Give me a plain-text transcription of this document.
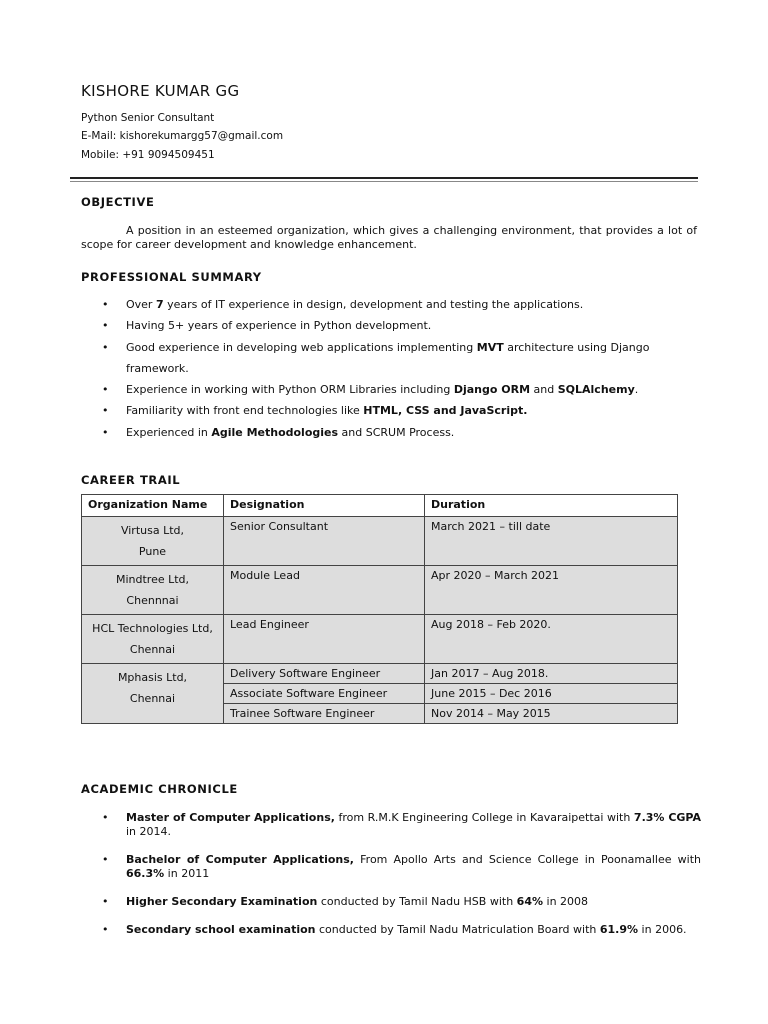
KISHORE KUMAR GG
Python Senior Consultant
E-Mail: kishorekumargg57@gmail.com
Mobile: +91 9094509451
OBJECTIVE
A position in an esteemed organization, which gives a challenging environment, that provides a lot of scope for career development and knowledge enhancement.
PROFESSIONAL SUMMARY
• Over 7 years of IT experience in design, development and testing the applications.
• Having 5+ years of experience in Python development.
• Good experience in developing web applications implementing MVT architecture using Django framework.
• Experience in working with Python ORM Libraries including Django ORM and SQLAlchemy.
• Familiarity with front end technologies like HTML, CSS and JavaScript.
• Experienced in Agile Methodologies and SCRUM Process.
CAREER TRAIL
Organization Name	Designation	Duration
Virtusa Ltd,
Pune	Senior Consultant	March 2021 – till date
Mindtree Ltd,
Chennnai	Module Lead	Apr 2020 – March 2021
HCL Technologies Ltd,
Chennai	Lead Engineer	Aug 2018 – Feb 2020.
Mphasis Ltd,
Chennai	Delivery Software Engineer	Jan 2017 – Aug 2018.
	Associate Software Engineer	June 2015 – Dec 2016
	Trainee Software Engineer	Nov 2014 – May 2015
ACADEMIC CHRONICLE
• Master of Computer Applications, from R.M.K Engineering College in Kavaraipettai with 7.3% CGPA in 2014.
• Bachelor of Computer Applications, From Apollo Arts and Science College in Poonamallee with 66.3% in 2011
• Higher Secondary Examination conducted by Tamil Nadu HSB with 64% in 2008
• Secondary school examination conducted by Tamil Nadu Matriculation Board with 61.9% in 2006.
